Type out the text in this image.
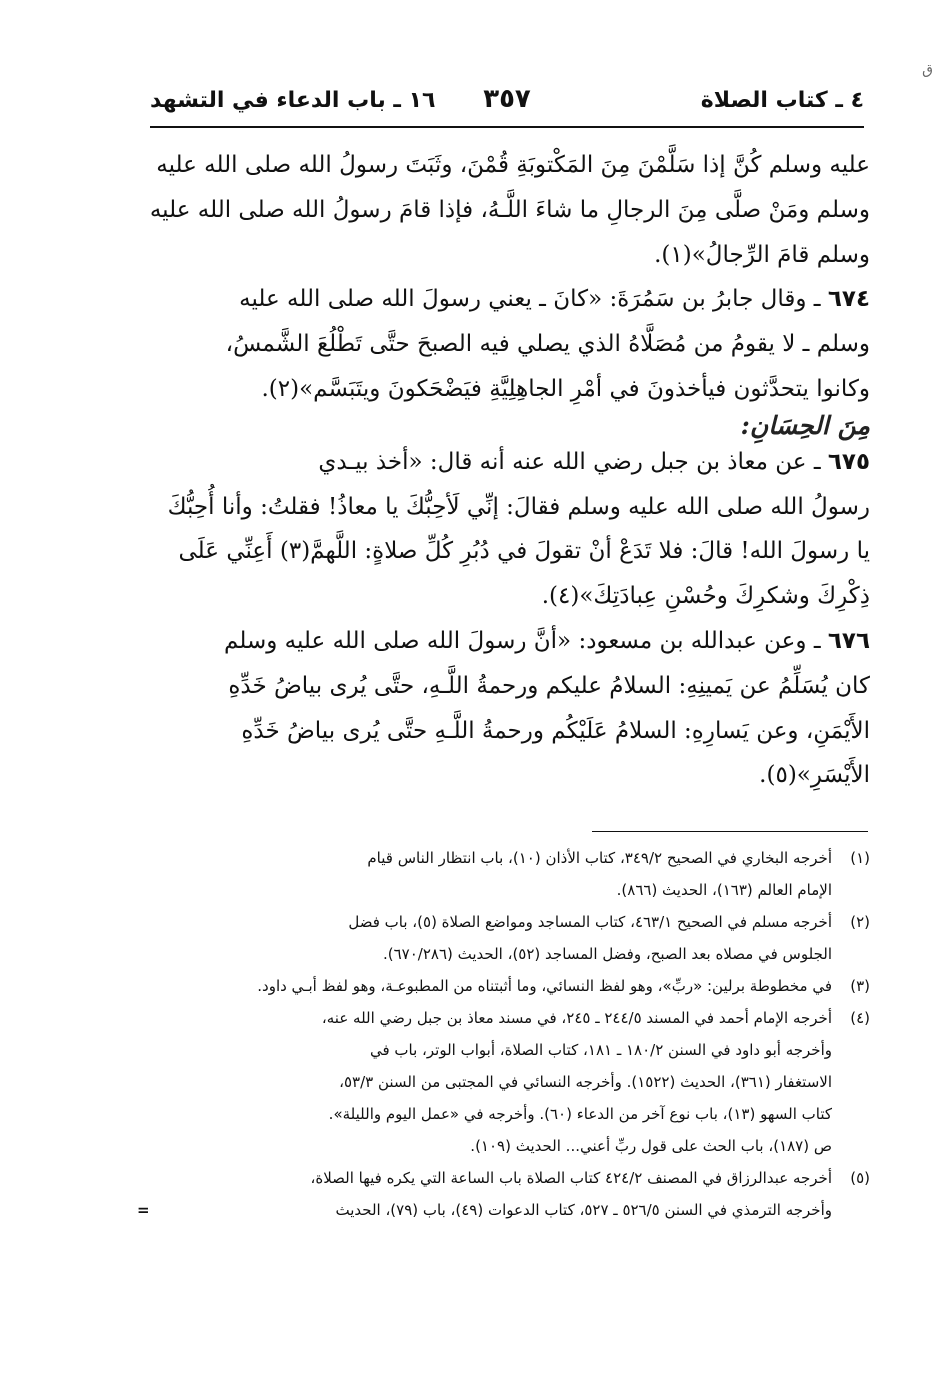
ق
٤ ـ كتاب الصلاة
٣٥٧
١٦ ـ باب الدعاء في التشهد

عليه وسلم كُنَّ إذا سَلَّمْنَ مِنَ المَكْتوبَةِ قُمْنَ، وثَبَتَ رسولُ الله صلى الله عليه

وسلم ومَنْ صلَّى مِنَ الرجالِ ما شاءَ اللَّـهُ، فإذا قامَ رسولُ الله صلى الله عليه

وسلم قامَ الرِّجالُ»(١).

٦٧٤ ـ وقال جابرُ بن سَمُرَةَ: «كانَ ـ يعني رسولَ الله صلى الله عليه

وسلم ـ لا يقومُ من مُصَلَّاهُ الذي يصلي فيه الصبحَ حتَّى تَطْلُعَ الشَّمسُ،

وكانوا يتحدَّثون فيأخذونَ في أمْرِ الجاهِلِيَّةِ فيَضْحَكونَ ويتَبَسَّم»(٢).

مِنَ الحِسَانِ:

٦٧٥ ـ عن معاذ بن جبل رضي الله عنه أنه قال: «أخذ بيـدي

رسولُ الله صلى الله عليه وسلم فقالَ: إنِّي لَأحِبُّكَ يا معاذُ! فقلتُ: وأنا أُحِبُّكَ

يا رسولَ الله! قالَ: فلا تَدَعْ أنْ تقولَ في دُبُرِ كُلِّ صلاةٍ: اللَّهمَّ(٣) أَعِنِّي عَلَى

ذِكْرِكَ وشكرِكَ وحُسْنِ عِبادَتِكَ»(٤).

٦٧٦ ـ وعن عبدالله بن مسعود: «أنَّ رسولَ الله صلى الله عليه وسلم

كان يُسَلِّمُ عن يَمينِهِ: السلامُ عليكم ورحمةُ اللَّـهِ، حتَّى يُرى بياضُ خَدِّهِ

الأَيْمَنِ، وعن يَسارِهِ: السلامُ عَلَيْكُم ورحمةُ اللَّـهِ حتَّى يُرى بياضُ خَدِّهِ

الأَيْسَرِ»(٥).

(١)
أخرجه البخاري في الصحيح ٣٤٩/٢، كتاب الأذان (١٠)، باب انتظار الناس قيام
الإمام العالم (١٦٣)، الحديث (٨٦٦).
(٢)
أخرجه مسلم في الصحيح ٤٦٣/١، كتاب المساجد ومواضع الصلاة (٥)، باب فضل
الجلوس في مصلاه بعد الصبح، وفضل المساجد (٥٢)، الحديث (٦٧٠/٢٨٦).
(٣)
في مخطوطة برلين: «ربِّ»، وهو لفظ النسائي، وما أثبتناه من المطبوعـة، وهو لفظ أبـي داود.
(٤)
أخرجه الإمام أحمد في المسند ٢٤٤/٥ ـ ٢٤٥، في مسند معاذ بن جبل رضي الله عنه،
وأخرجه أبو داود في السنن ١٨٠/٢ ـ ١٨١، كتاب الصلاة، أبواب الوتر، باب في
الاستغفار (٣٦١)، الحديث (١٥٢٢). وأخرجه النسائي في المجتبى من السنن ٥٣/٣،
كتاب السهو (١٣)، باب نوع آخر من الدعاء (٦٠). وأخرجه في «عمل اليوم والليلة».
ص (١٨٧)، باب الحث على قول ربِّ أعني... الحديث (١٠٩).
(٥)
أخرجه عبدالرزاق في المصنف ٤٢٤/٢ كتاب الصلاة باب الساعة التي يكره فيها الصلاة،
وأخرجه الترمذي في السنن ٥٢٦/٥ ـ ٥٢٧، كتاب الدعوات (٤٩)، باب (٧٩)، الحديث
=
